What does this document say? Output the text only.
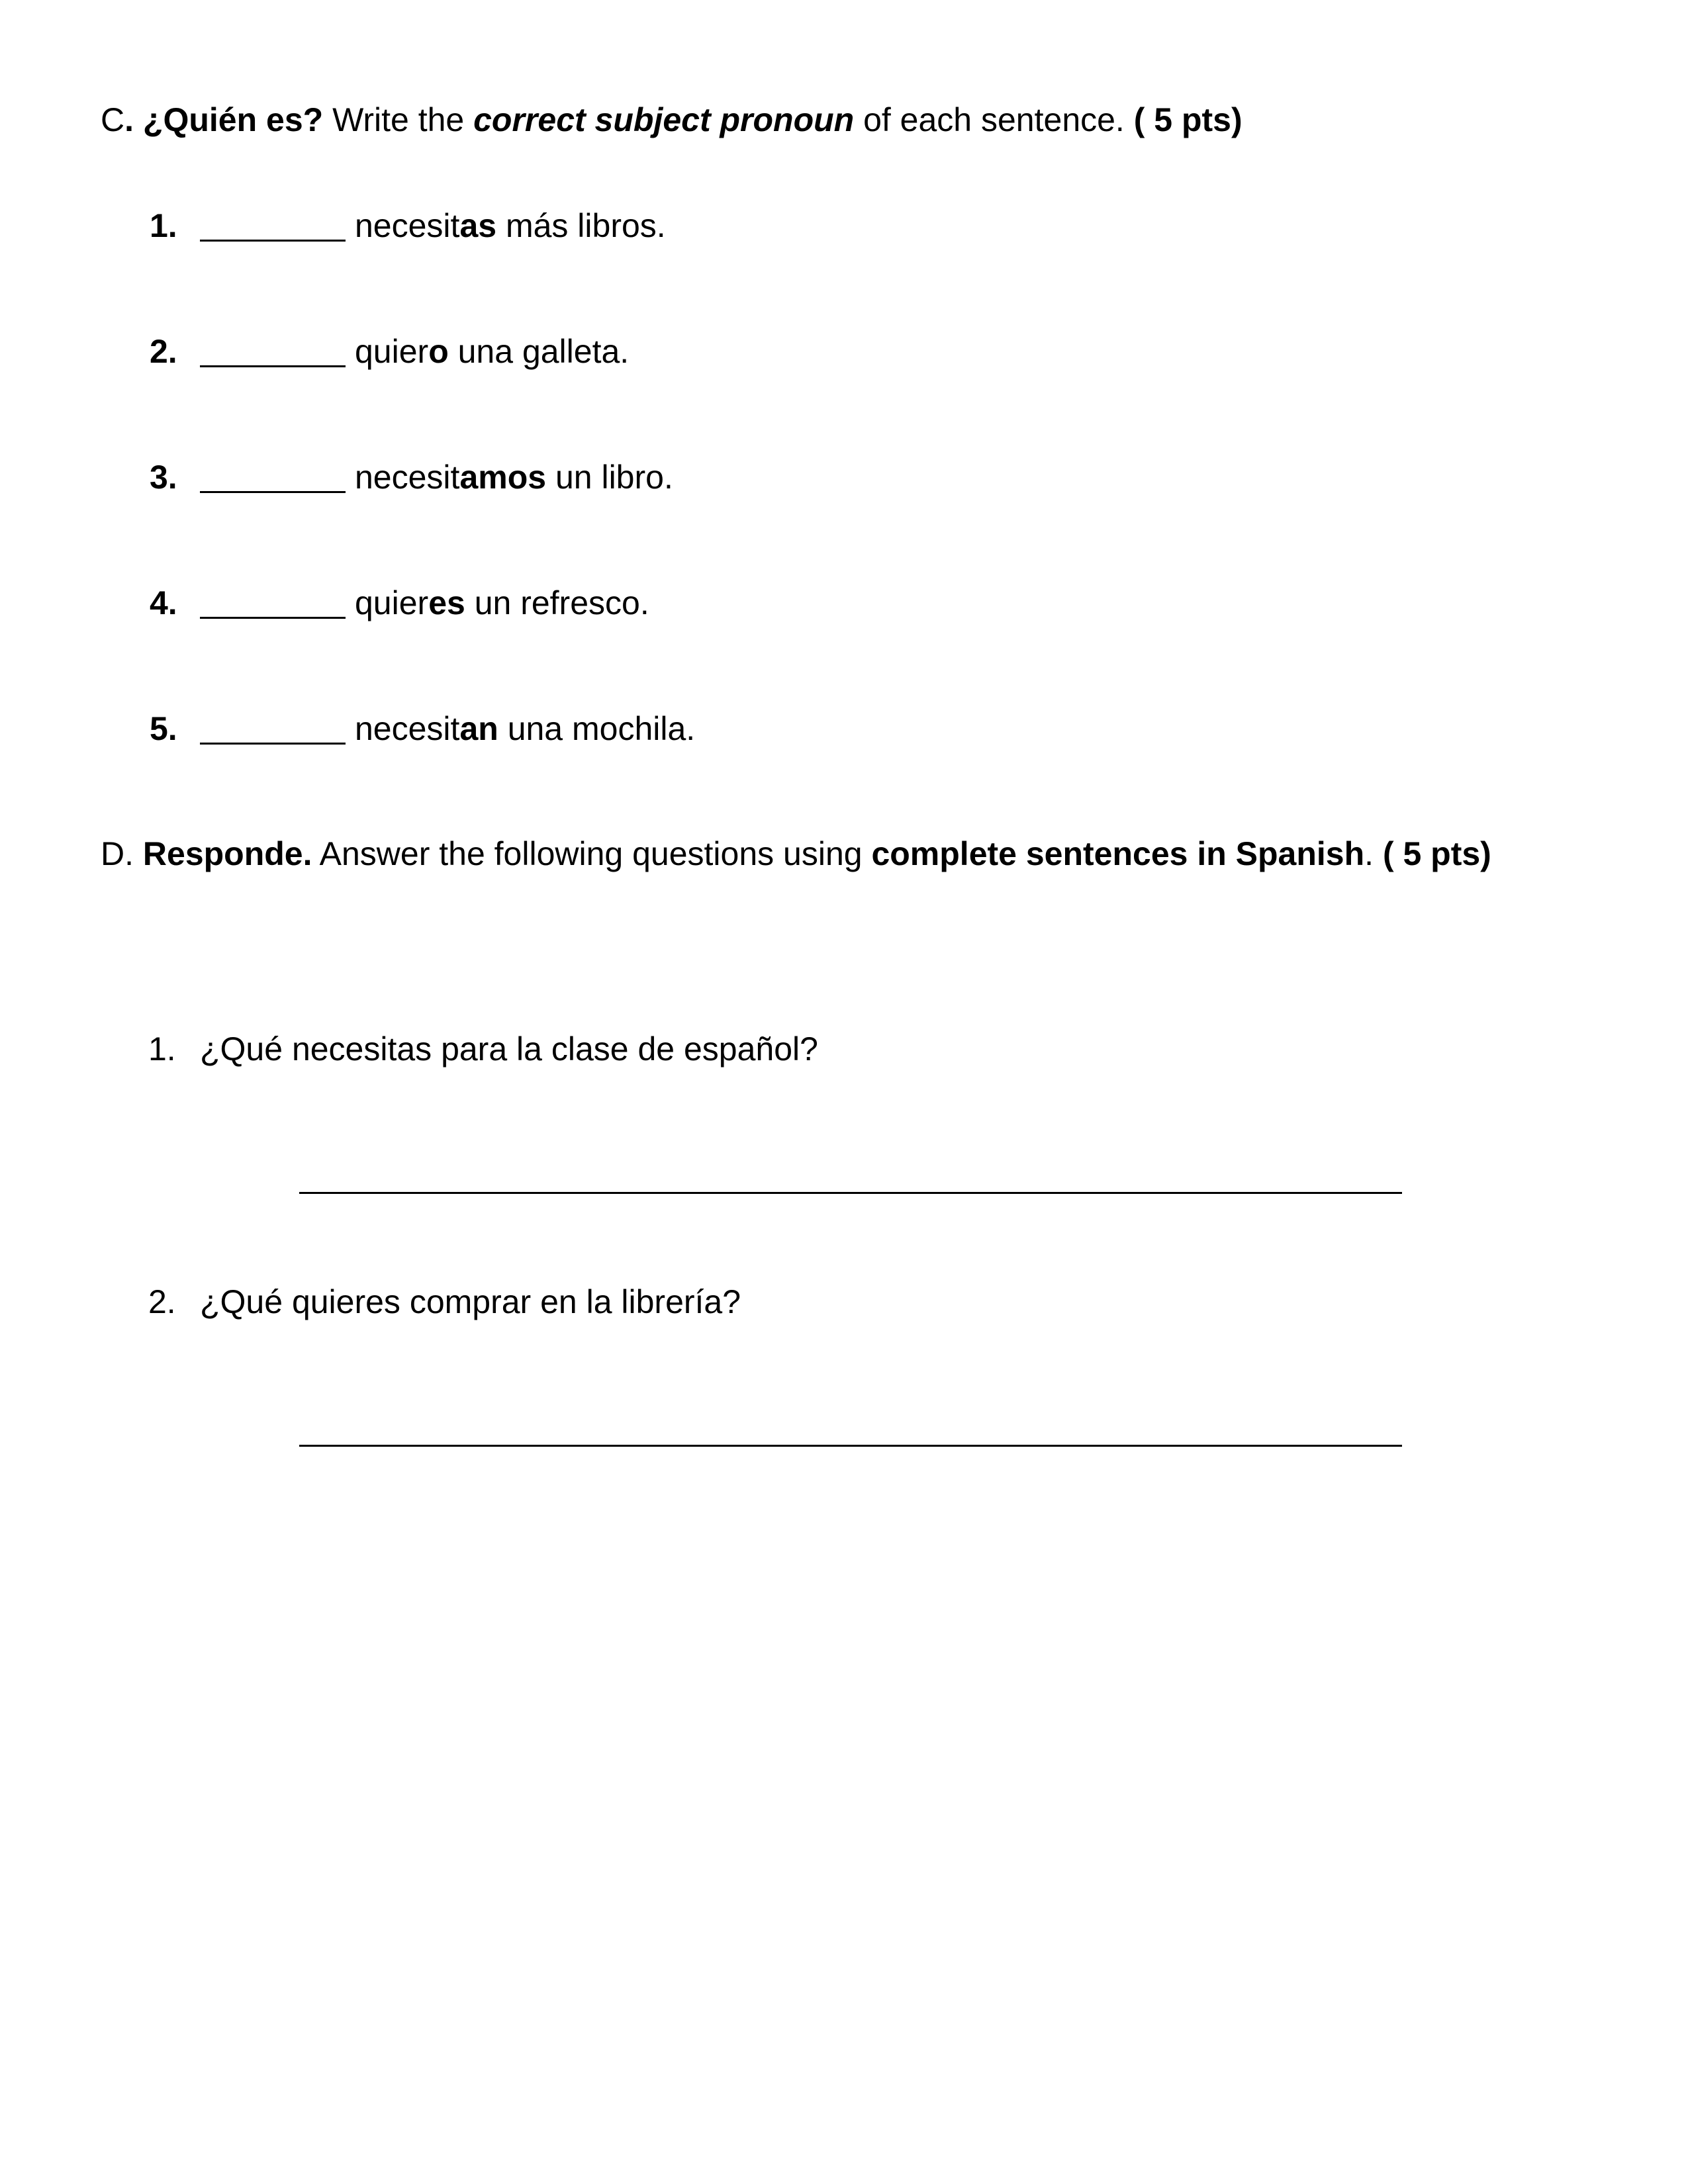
C. ¿Quién es? Write the correct subject pronoun of each sentence. ( 5 pts)
1.	necesitas más libros.
2.	quiero una galleta.
3.	necesitamos un libro.
4.	quieres un refresco.
5.	necesitan una mochila.
D. Responde. Answer the following questions using complete sentences in Spanish. ( 5 pts)
1. ¿Qué necesitas para la clase de español?
2. ¿Qué quieres comprar en la librería?
